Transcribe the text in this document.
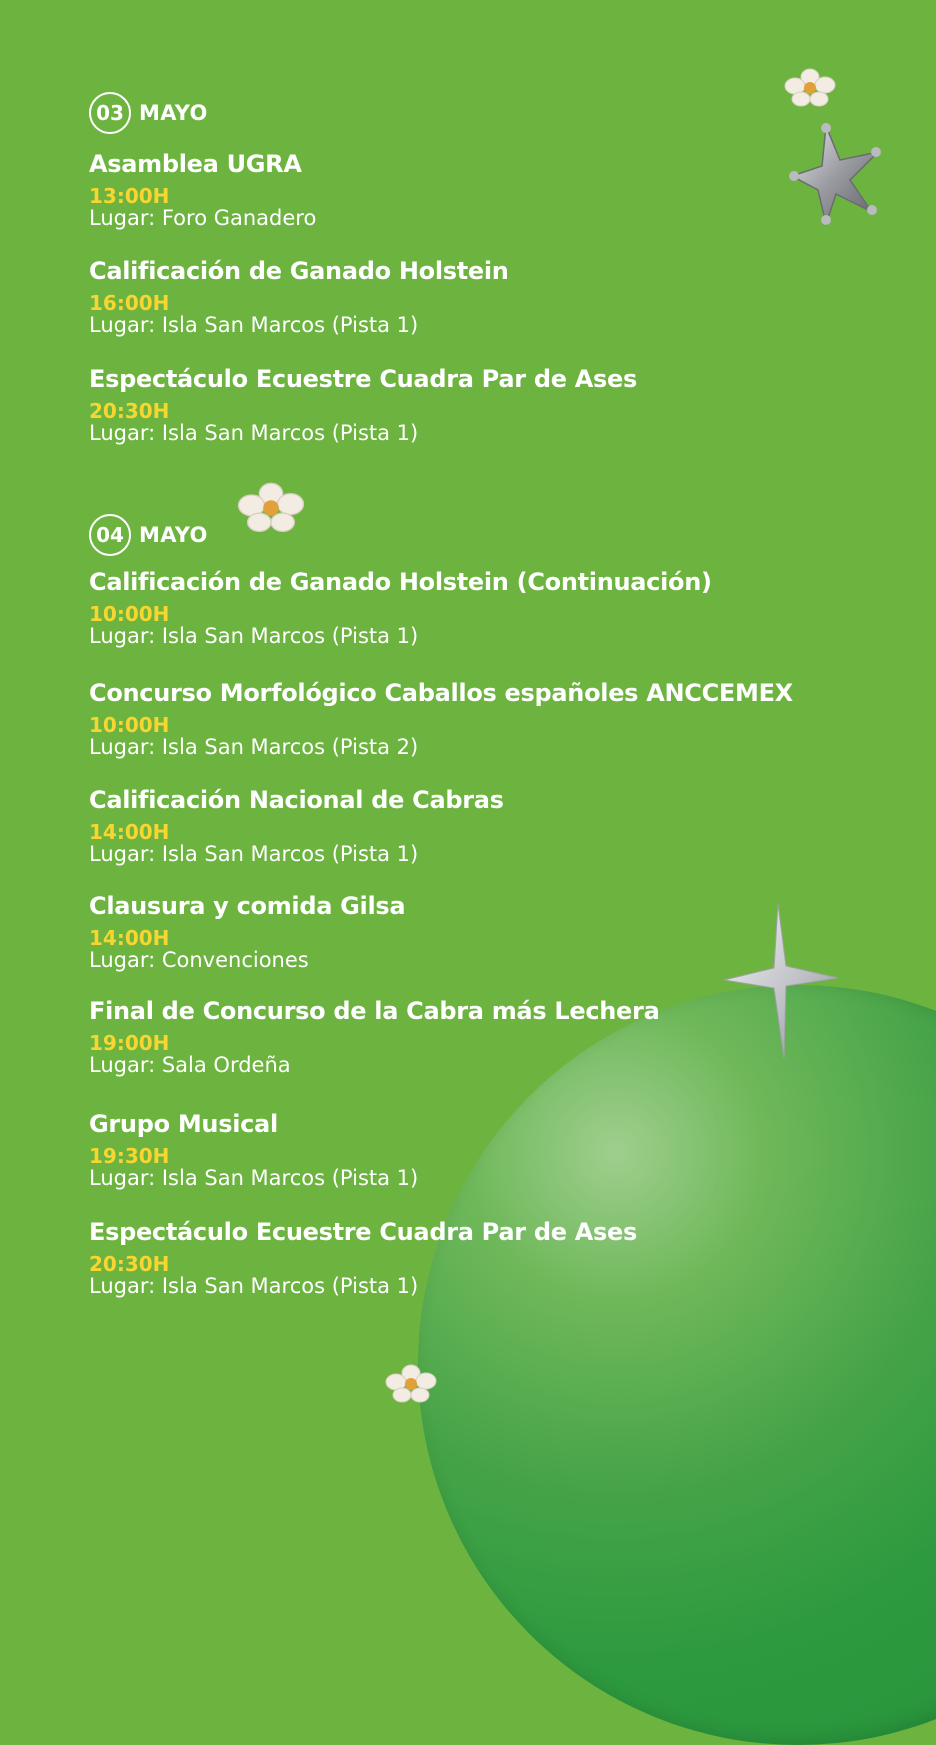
03 MAYO
Asamblea UGRA
13:00H
Lugar: Foro Ganadero
Calificación de Ganado Holstein
16:00H
Lugar: Isla San Marcos (Pista 1)
Espectáculo Ecuestre Cuadra Par de Ases
20:30H
Lugar: Isla San Marcos (Pista 1)
04 MAYO
Calificación de Ganado Holstein (Continuación)
10:00H
Lugar: Isla San Marcos (Pista 1)
Concurso Morfológico Caballos españoles ANCCEMEX
10:00H
Lugar: Isla San Marcos (Pista 2)
Calificación Nacional de Cabras
14:00H
Lugar: Isla San Marcos (Pista 1)
Clausura y comida Gilsa
14:00H
Lugar: Convenciones
Final de Concurso de la Cabra más Lechera
19:00H
Lugar: Sala Ordeña
Grupo Musical
19:30H
Lugar: Isla San Marcos (Pista 1)
Espectáculo Ecuestre Cuadra Par de Ases
20:30H
Lugar: Isla San Marcos (Pista 1)
